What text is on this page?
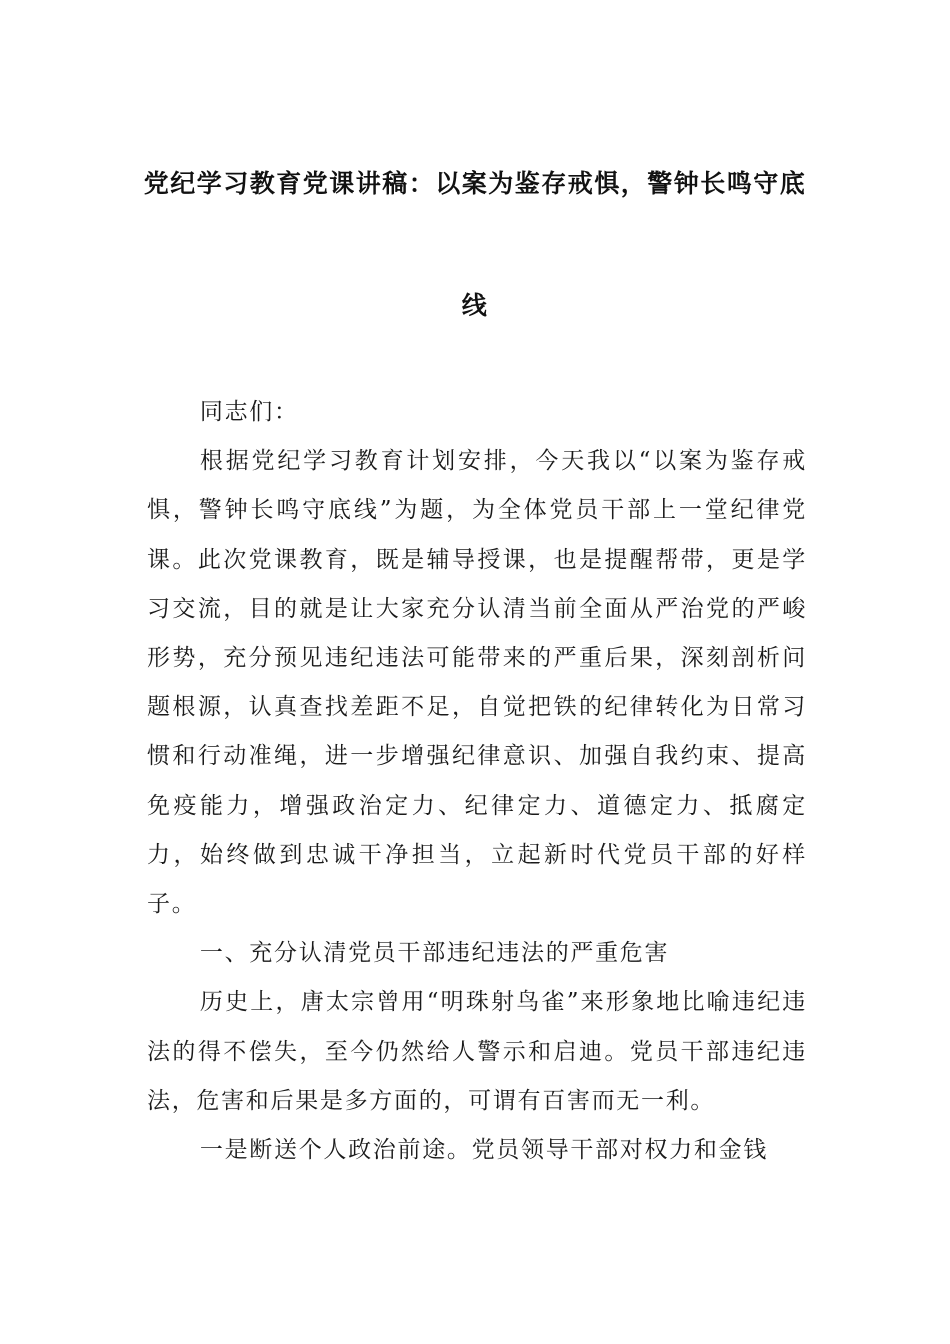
党纪学习教育党课讲稿：以案为鉴存戒惧，警钟长鸣守底
线

同志们：

根据党纪学习教育计划安排，今天我以“以案为鉴存戒惧，警钟长鸣守底线”为题，为全体党员干部上一堂纪律党课。此次党课教育，既是辅导授课，也是提醒帮带，更是学习交流，目的就是让大家充分认清当前全面从严治党的严峻形势，充分预见违纪违法可能带来的严重后果，深刻剖析问题根源，认真查找差距不足，自觉把铁的纪律转化为日常习惯和行动准绳，进一步增强纪律意识、加强自我约束、提高免疫能力，增强政治定力、纪律定力、道德定力、抵腐定力，始终做到忠诚干净担当，立起新时代党员干部的好样子。

一、充分认清党员干部违纪违法的严重危害

历史上，唐太宗曾用“明珠射鸟雀”来形象地比喻违纪违法的得不偿失，至今仍然给人警示和启迪。党员干部违纪违法，危害和后果是多方面的，可谓有百害而无一利。

一是断送个人政治前途。党员领导干部对权力和金钱
